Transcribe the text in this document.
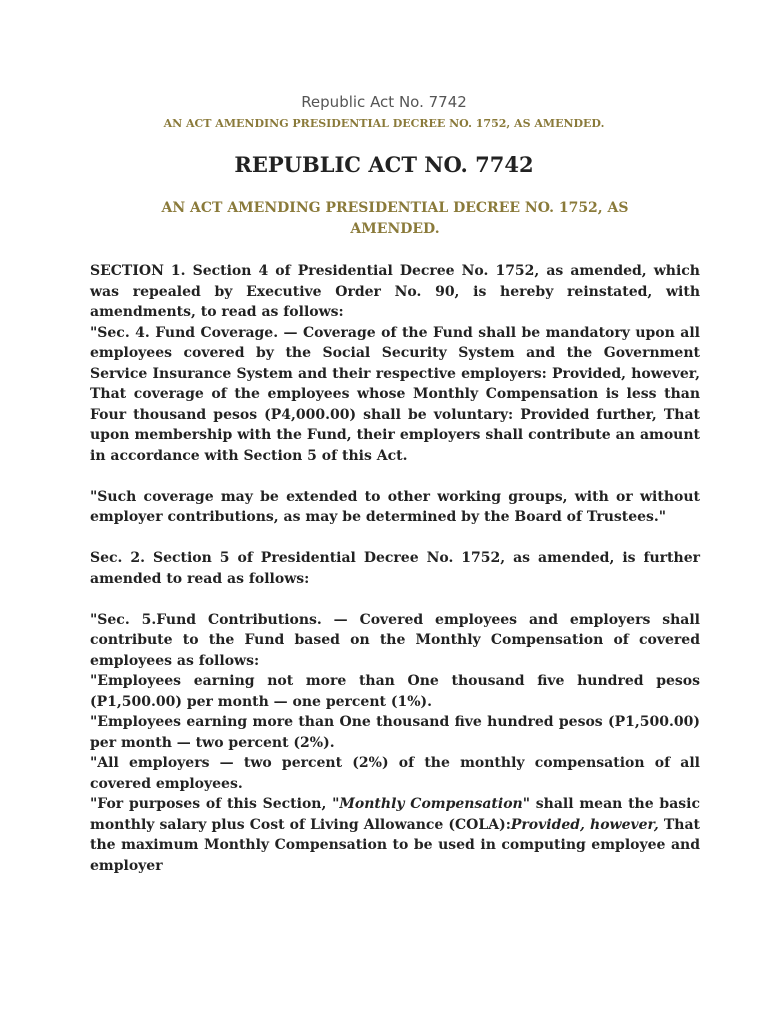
Republic Act No. 7742
AN ACT AMENDING PRESIDENTIAL DECREE NO. 1752, AS AMENDED.
REPUBLIC ACT NO. 7742
AN ACT AMENDING PRESIDENTIAL DECREE NO. 1752, AS AMENDED.

SECTION 1. Section 4 of Presidential Decree No. 1752, as amended, which was repealed by Executive Order No. 90, is hereby reinstated, with amendments, to read as follows:

"Sec. 4. Fund Coverage. — Coverage of the Fund shall be mandatory upon all employees covered by the Social Security System and the Government Service Insurance System and their respective employers: Provided, however, That coverage of the employees whose Monthly Compensation is less than Four thousand pesos (P4,000.00) shall be voluntary: Provided further, That upon membership with the Fund, their employers shall contribute an amount in accordance with Section 5 of this Act.

"Such coverage may be extended to other working groups, with or without employer contributions, as may be determined by the Board of Trustees."

Sec. 2. Section 5 of Presidential Decree No. 1752, as amended, is further amended to read as follows:

"Sec. 5.Fund Contributions. — Covered employees and employers shall contribute to the Fund based on the Monthly Compensation of covered employees as follows:

"Employees earning not more than One thousand five hundred pesos (P1,500.00) per month — one percent (1%).

"Employees earning more than One thousand five hundred pesos (P1,500.00) per month — two percent (2%).

"All employers — two percent (2%) of the monthly compensation of all covered employees.

"For purposes of this Section, "Monthly Compensation" shall mean the basic monthly salary plus Cost of Living Allowance (COLA):Provided, however, That the maximum Monthly Compensation to be used in computing employee and employer
